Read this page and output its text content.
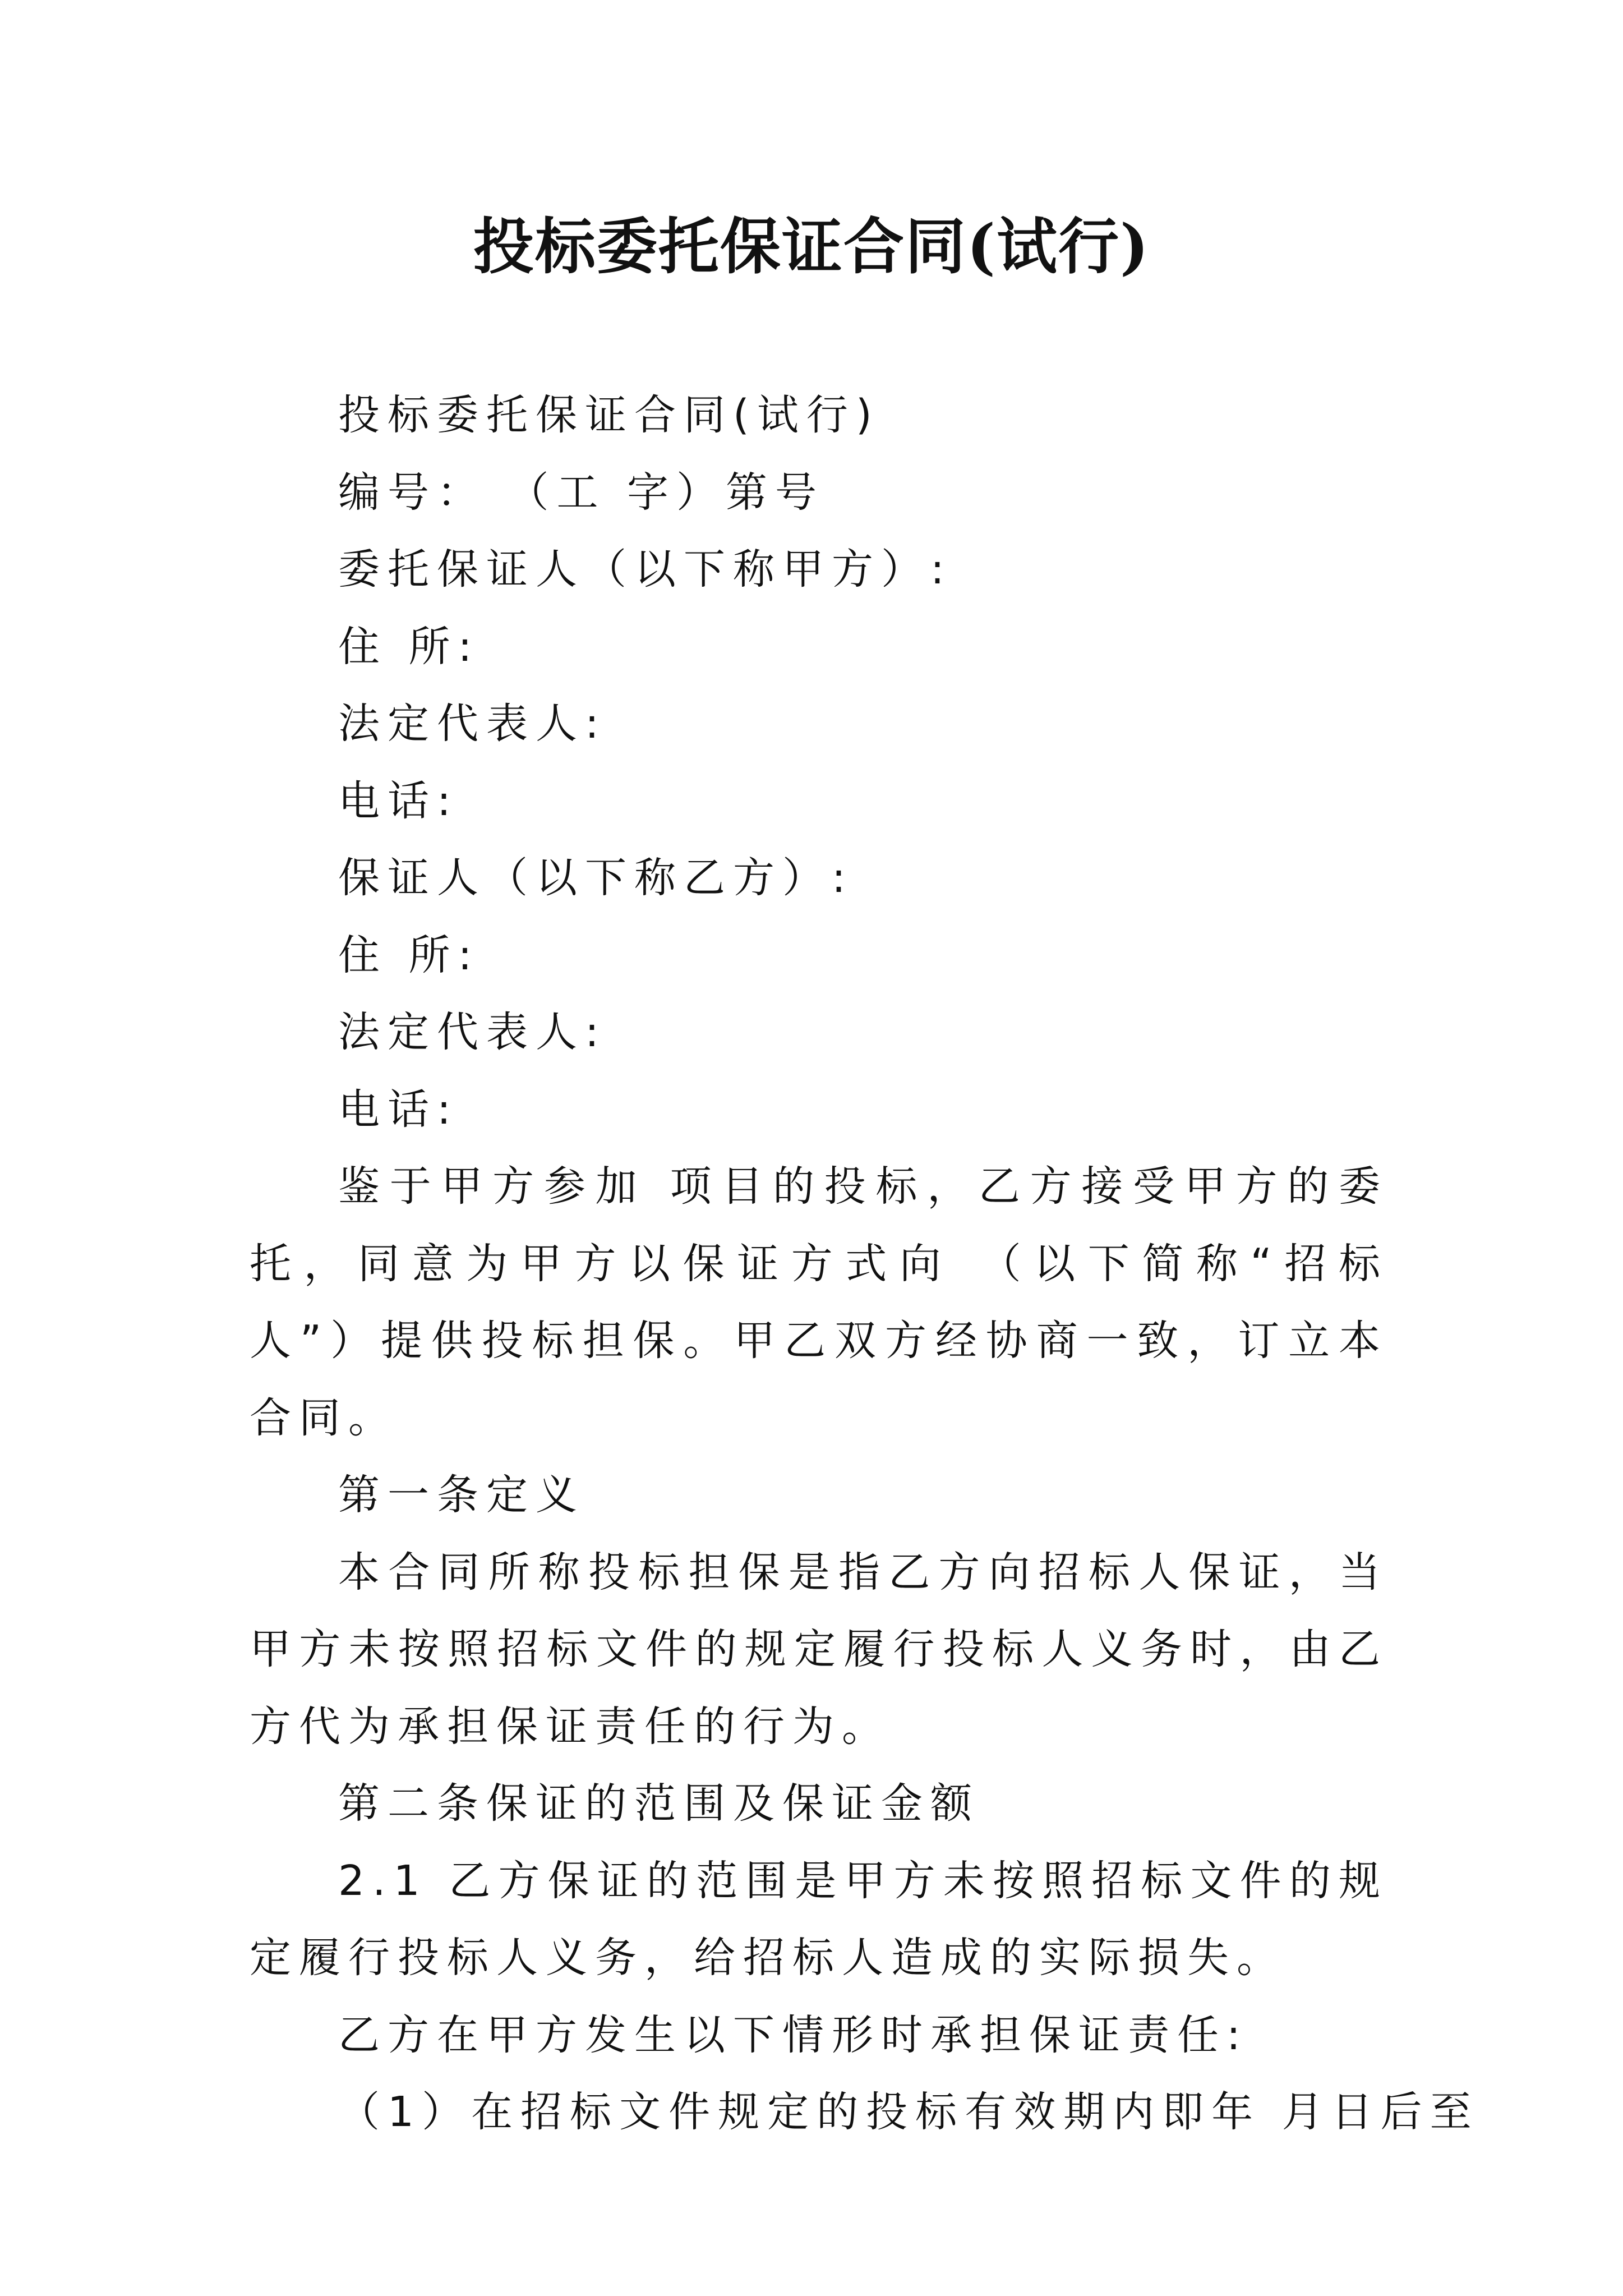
投标委托保证合同(试行)

投标委托保证合同(试行)

编号： （工 字）第号

委托保证人（以下称甲方）:

住 所:

法定代表人:

电话:

保证人（以下称乙方）:

住 所:

法定代表人:

电话:

鉴于甲方参加 项目的投标，乙方接受甲方的委托，同意为甲方以保证方式向 （以下简称“招标人”）提供投标担保。甲乙双方经协商一致，订立本合同。

第一条定义

本合同所称投标担保是指乙方向招标人保证，当甲方未按照招标文件的规定履行投标人义务时，由乙方代为承担保证责任的行为。

第二条保证的范围及保证金额

2.1 乙方保证的范围是甲方未按照招标文件的规定履行投标人义务，给招标人造成的实际损失。

乙方在甲方发生以下情形时承担保证责任:

（1）在招标文件规定的投标有效期内即年 月日后至
